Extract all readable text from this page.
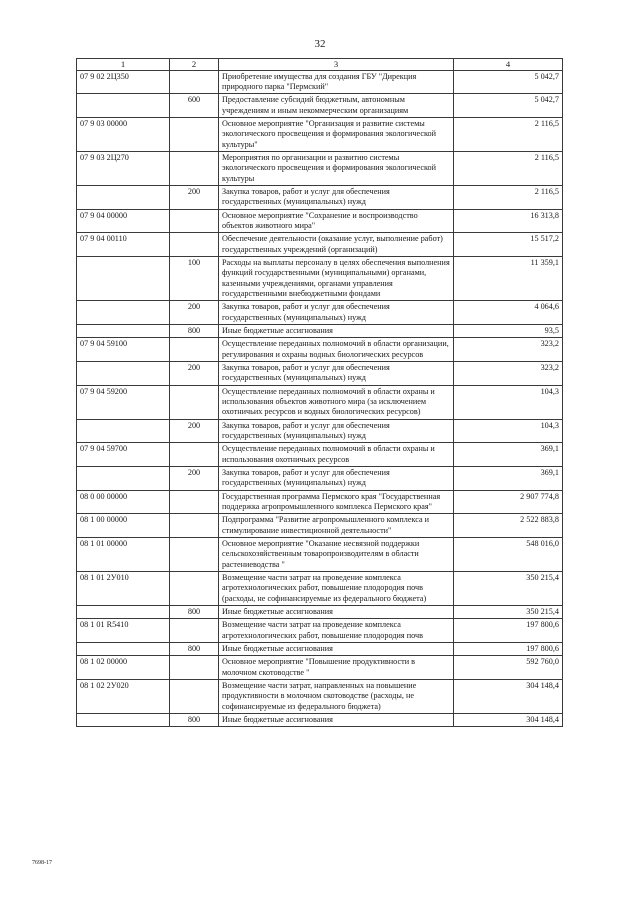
32
1	2	3	4
07 9 02 2Ц350		Приобретение имущества для создания ГБУ "Дирекция природного парка "Пермский"	5 042,7
	600	Предоставление субсидий бюджетным, автономным учреждениям и иным некоммерческим организациям	5 042,7
07 9 03 00000		Основное мероприятие "Организация и развитие системы экологического просвещения и формирования экологической культуры"	2 116,5
07 9 03 2Ц270		Мероприятия по организации и развитию системы экологического просвещения и формирования экологической культуры	2 116,5
	200	Закупка товаров, работ и услуг для обеспечения государственных (муниципальных) нужд	2 116,5
07 9 04 00000		Основное мероприятие "Сохранение и воспроизводство объектов животного мира"	16 313,8
07 9 04 00110		Обеспечение деятельности (оказание услуг, выполнение работ) государственных учреждений (организаций)	15 517,2
	100	Расходы на выплаты персоналу в целях обеспечения выполнения функций государственными (муниципальными) органами, казенными учреждениями, органами управления государственными внебюджетными фондами	11 359,1
	200	Закупка товаров, работ и услуг для обеспечения государственных (муниципальных) нужд	4 064,6
	800	Иные бюджетные ассигнования	93,5
07 9 04 59100		Осуществление переданных полномочий в области организации, регулирования и охраны водных биологических ресурсов	323,2
	200	Закупка товаров, работ и услуг для обеспечения государственных (муниципальных) нужд	323,2
07 9 04 59200		Осуществление переданных полномочий в области охраны и использования объектов животного мира (за исключением охотничьих ресурсов и водных биологических ресурсов)	104,3
	200	Закупка товаров, работ и услуг для обеспечения государственных (муниципальных) нужд	104,3
07 9 04 59700		Осуществление переданных полномочий в области охраны и использования охотничьих ресурсов	369,1
	200	Закупка товаров, работ и услуг для обеспечения государственных (муниципальных) нужд	369,1
08 0 00 00000		Государственная программа Пермского края "Государственная поддержка агропромышленного комплекса Пермского края"	2 907 774,8
08 1 00 00000		Подпрограмма "Развитие агропромышленного комплекса и стимулирование инвестиционной деятельности"	2 522 883,8
08 1 01 00000		Основное мероприятие "Оказание несвязной поддержки сельскохозяйственным товаропроизводителям в области растениеводства "	548 016,0
08 1 01 2У010		Возмещение части затрат на проведение комплекса агротехнологических работ, повышение плодородия почв (расходы, не софинансируемые из федерального бюджета)	350 215,4
	800	Иные бюджетные ассигнования	350 215,4
08 1 01 R5410		Возмещение части затрат на проведение комплекса агротехнологических работ, повышение плодородия почв	197 800,6
	800	Иные бюджетные ассигнования	197 800,6
08 1 02 00000		Основное мероприятие "Повышение продуктивности в молочном скотоводстве "	592 760,0
08 1 02 2У020		Возмещение части затрат, направленных на повышение продуктивности в молочном скотоводстве (расходы, не софинансируемые из федерального бюджета)	304 148,4
	800	Иные бюджетные ассигнования	304 148,4
7698-17
